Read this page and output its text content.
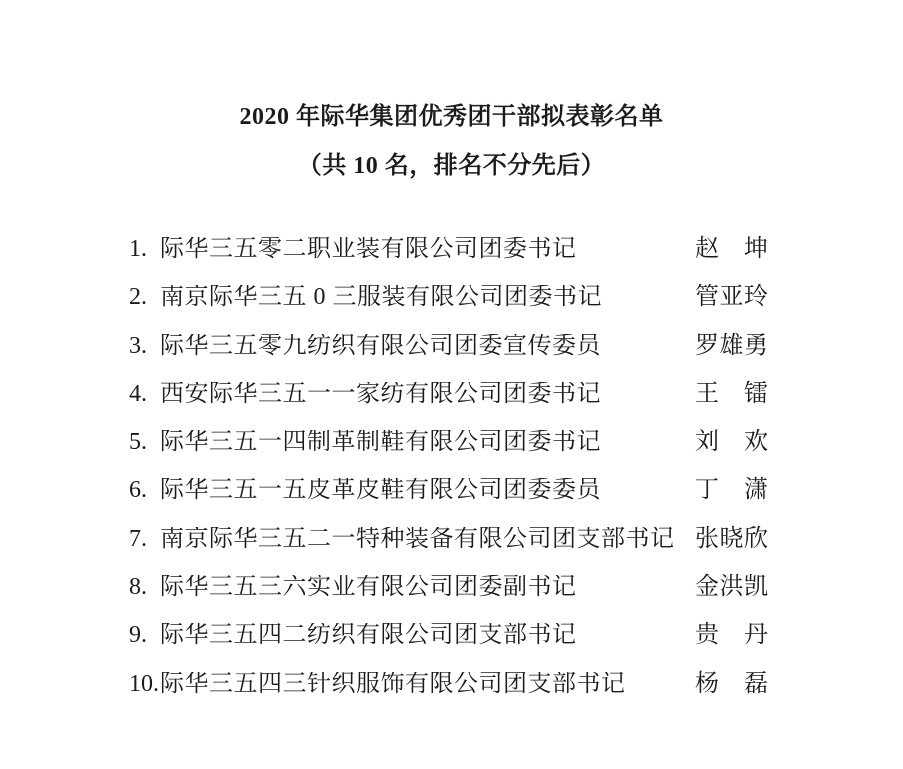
2020 年际华集团优秀团干部拟表彰名单
（共 10 名，排名不分先后）
1. 际华三五零二职业装有限公司团委书记	赵　坤
2. 南京际华三五 0 三服装有限公司团委书记	管亚玲
3. 际华三五零九纺织有限公司团委宣传委员	罗雄勇
4. 西安际华三五一一家纺有限公司团委书记	王　镭
5. 际华三五一四制革制鞋有限公司团委书记	刘　欢
6. 际华三五一五皮革皮鞋有限公司团委委员	丁　潇
7. 南京际华三五二一特种装备有限公司团支部书记 张晓欣
8. 际华三五三六实业有限公司团委副书记	金洪凯
9. 际华三五四二纺织有限公司团支部书记	贵　丹
10. 际华三五四三针织服饰有限公司团支部书记	杨　磊
